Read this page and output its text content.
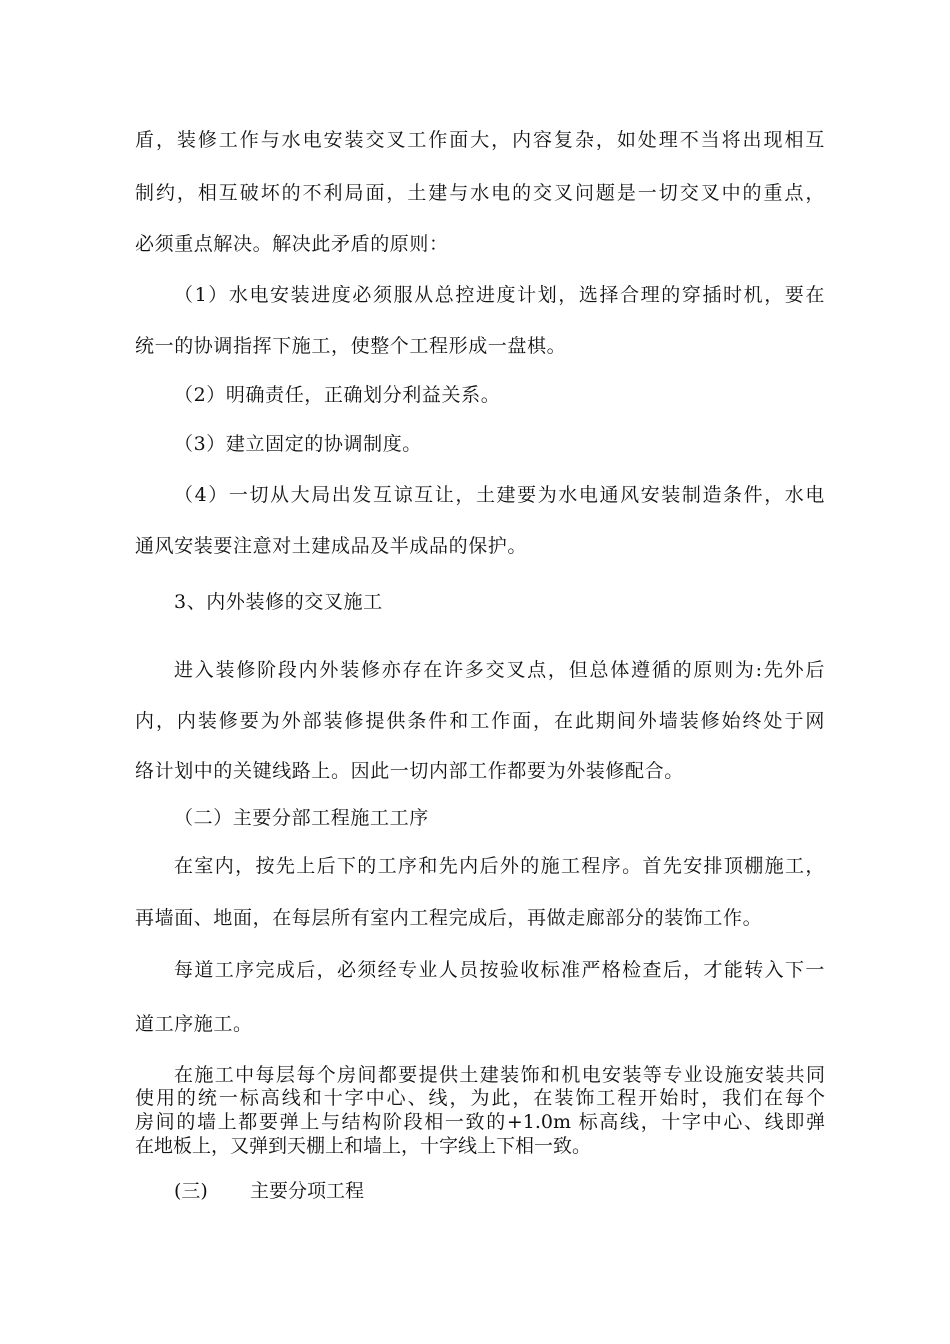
盾，装修工作与水电安装交叉工作面大，内容复杂，如处理不当将出现相互
制约，相互破坏的不利局面，土建与水电的交叉问题是一切交叉中的重点，
必须重点解决。解决此矛盾的原则：
（1）水电安装进度必须服从总控进度计划，选择合理的穿插时机，要在
统一的协调指挥下施工，使整个工程形成一盘棋。
（2）明确责任，正确划分利益关系。
（3）建立固定的协调制度。
（4）一切从大局出发互谅互让，土建要为水电通风安装制造条件，水电
通风安装要注意对土建成品及半成品的保护。
3、内外装修的交叉施工
进入装修阶段内外装修亦存在许多交叉点，但总体遵循的原则为:先外后
内，内装修要为外部装修提供条件和工作面，在此期间外墙装修始终处于网
络计划中的关键线路上。因此一切内部工作都要为外装修配合。
（二）主要分部工程施工工序
在室内，按先上后下的工序和先内后外的施工程序。首先安排顶棚施工，
再墙面、地面，在每层所有室内工程完成后，再做走廊部分的装饰工作。
每道工序完成后，必须经专业人员按验收标准严格检查后，才能转入下一
道工序施工。
在施工中每层每个房间都要提供土建装饰和机电安装等专业设施安装共同
使用的统一标高线和十字中心、线，为此，在装饰工程开始时，我们在每个
房间的墙上都要弹上与结构阶段相一致的+1.0m 标高线，十字中心、线即弹
在地板上，又弹到天棚上和墙上，十字线上下相一致。
(三) 主要分项工程
